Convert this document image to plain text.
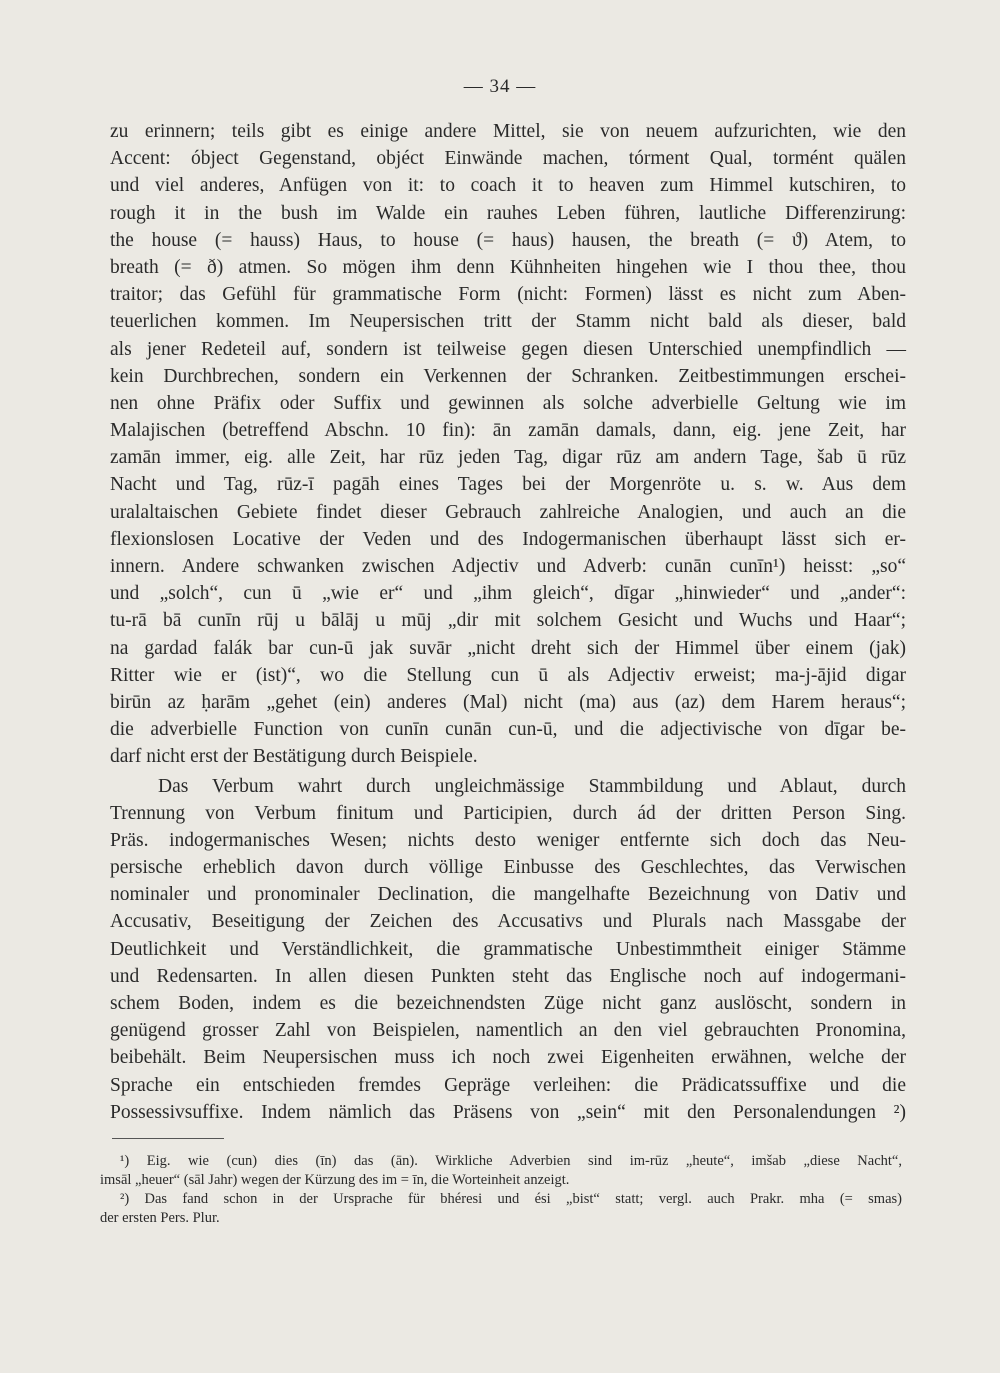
— 34 —
zu erinnern; teils gibt es einige andere Mittel, sie von neuem aufzurichten, wie den
Accent: óbject Gegenstand, objéct Einwände machen, tórment Qual, tormént quälen
und viel anderes, Anfügen von it: to coach it to heaven zum Himmel kutschiren, to
rough it in the bush im Walde ein rauhes Leben führen, lautliche Differenzirung:
the house (= hauss) Haus, to house (= haus) hausen, the breath (= ϑ) Atem, to
breath (= ð) atmen. So mögen ihm denn Kühnheiten hingehen wie I thou thee, thou
traitor; das Gefühl für grammatische Form (nicht: Formen) lässt es nicht zum Aben-
teuerlichen kommen. Im Neupersischen tritt der Stamm nicht bald als dieser, bald
als jener Redeteil auf, sondern ist teilweise gegen diesen Unterschied unempfindlich —
kein Durchbrechen, sondern ein Verkennen der Schranken. Zeitbestimmungen erschei-
nen ohne Präfix oder Suffix und gewinnen als solche adverbielle Geltung wie im
Malajischen (betreffend Abschn. 10 fin): ān zamān damals, dann, eig. jene Zeit, har
zamān immer, eig. alle Zeit, har rūz jeden Tag, digar rūz am andern Tage, šab ū rūz
Nacht und Tag, rūz-ī pagāh eines Tages bei der Morgenröte u. s. w. Aus dem
uralaltaischen Gebiete findet dieser Gebrauch zahlreiche Analogien, und auch an die
flexionslosen Locative der Veden und des Indogermanischen überhaupt lässt sich er-
innern. Andere schwanken zwischen Adjectiv und Adverb: cunān cunīn¹) heisst: „so“
und „solch“, cun ū „wie er“ und „ihm gleich“, dīgar „hinwieder“ und „ander“:
tu-rā bā cunīn rūj u bālāj u mūj „dir mit solchem Gesicht und Wuchs und Haar“;
na gardad falák bar cun-ū jak suvār „nicht dreht sich der Himmel über einem (jak)
Ritter wie er (ist)“, wo die Stellung cun ū als Adjectiv erweist; ma-j-ājid digar
birūn az ḥarām „gehet (ein) anderes (Mal) nicht (ma) aus (az) dem Harem heraus“;
die adverbielle Function von cunīn cunān cun-ū, und die adjectivische von dīgar be-
darf nicht erst der Bestätigung durch Beispiele.
Das Verbum wahrt durch ungleichmässige Stammbildung und Ablaut, durch
Trennung von Verbum finitum und Participien, durch ád der dritten Person Sing.
Präs. indogermanisches Wesen; nichts desto weniger entfernte sich doch das Neu-
persische erheblich davon durch völlige Einbusse des Geschlechtes, das Verwischen
nominaler und pronominaler Declination, die mangelhafte Bezeichnung von Dativ und
Accusativ, Beseitigung der Zeichen des Accusativs und Plurals nach Massgabe der
Deutlichkeit und Verständlichkeit, die grammatische Unbestimmtheit einiger Stämme
und Redensarten. In allen diesen Punkten steht das Englische noch auf indogermani-
schem Boden, indem es die bezeichnendsten Züge nicht ganz auslöscht, sondern in
genügend grosser Zahl von Beispielen, namentlich an den viel gebrauchten Pronomina,
beibehält. Beim Neupersischen muss ich noch zwei Eigenheiten erwähnen, welche der
Sprache ein entschieden fremdes Gepräge verleihen: die Prädicatssuffixe und die
Possessivsuffixe. Indem nämlich das Präsens von „sein“ mit den Personalendungen ²)
¹) Eig. wie (cun) dies (īn) das (ān). Wirkliche Adverbien sind im-rūz „heute“, imšab „diese Nacht“,
imsāl „heuer“ (sāl Jahr) wegen der Kürzung des im = īn, die Worteinheit anzeigt.
²) Das fand schon in der Ursprache für bhéresi und ési „bist“ statt; vergl. auch Prakr. mha (= smas)
der ersten Pers. Plur.
